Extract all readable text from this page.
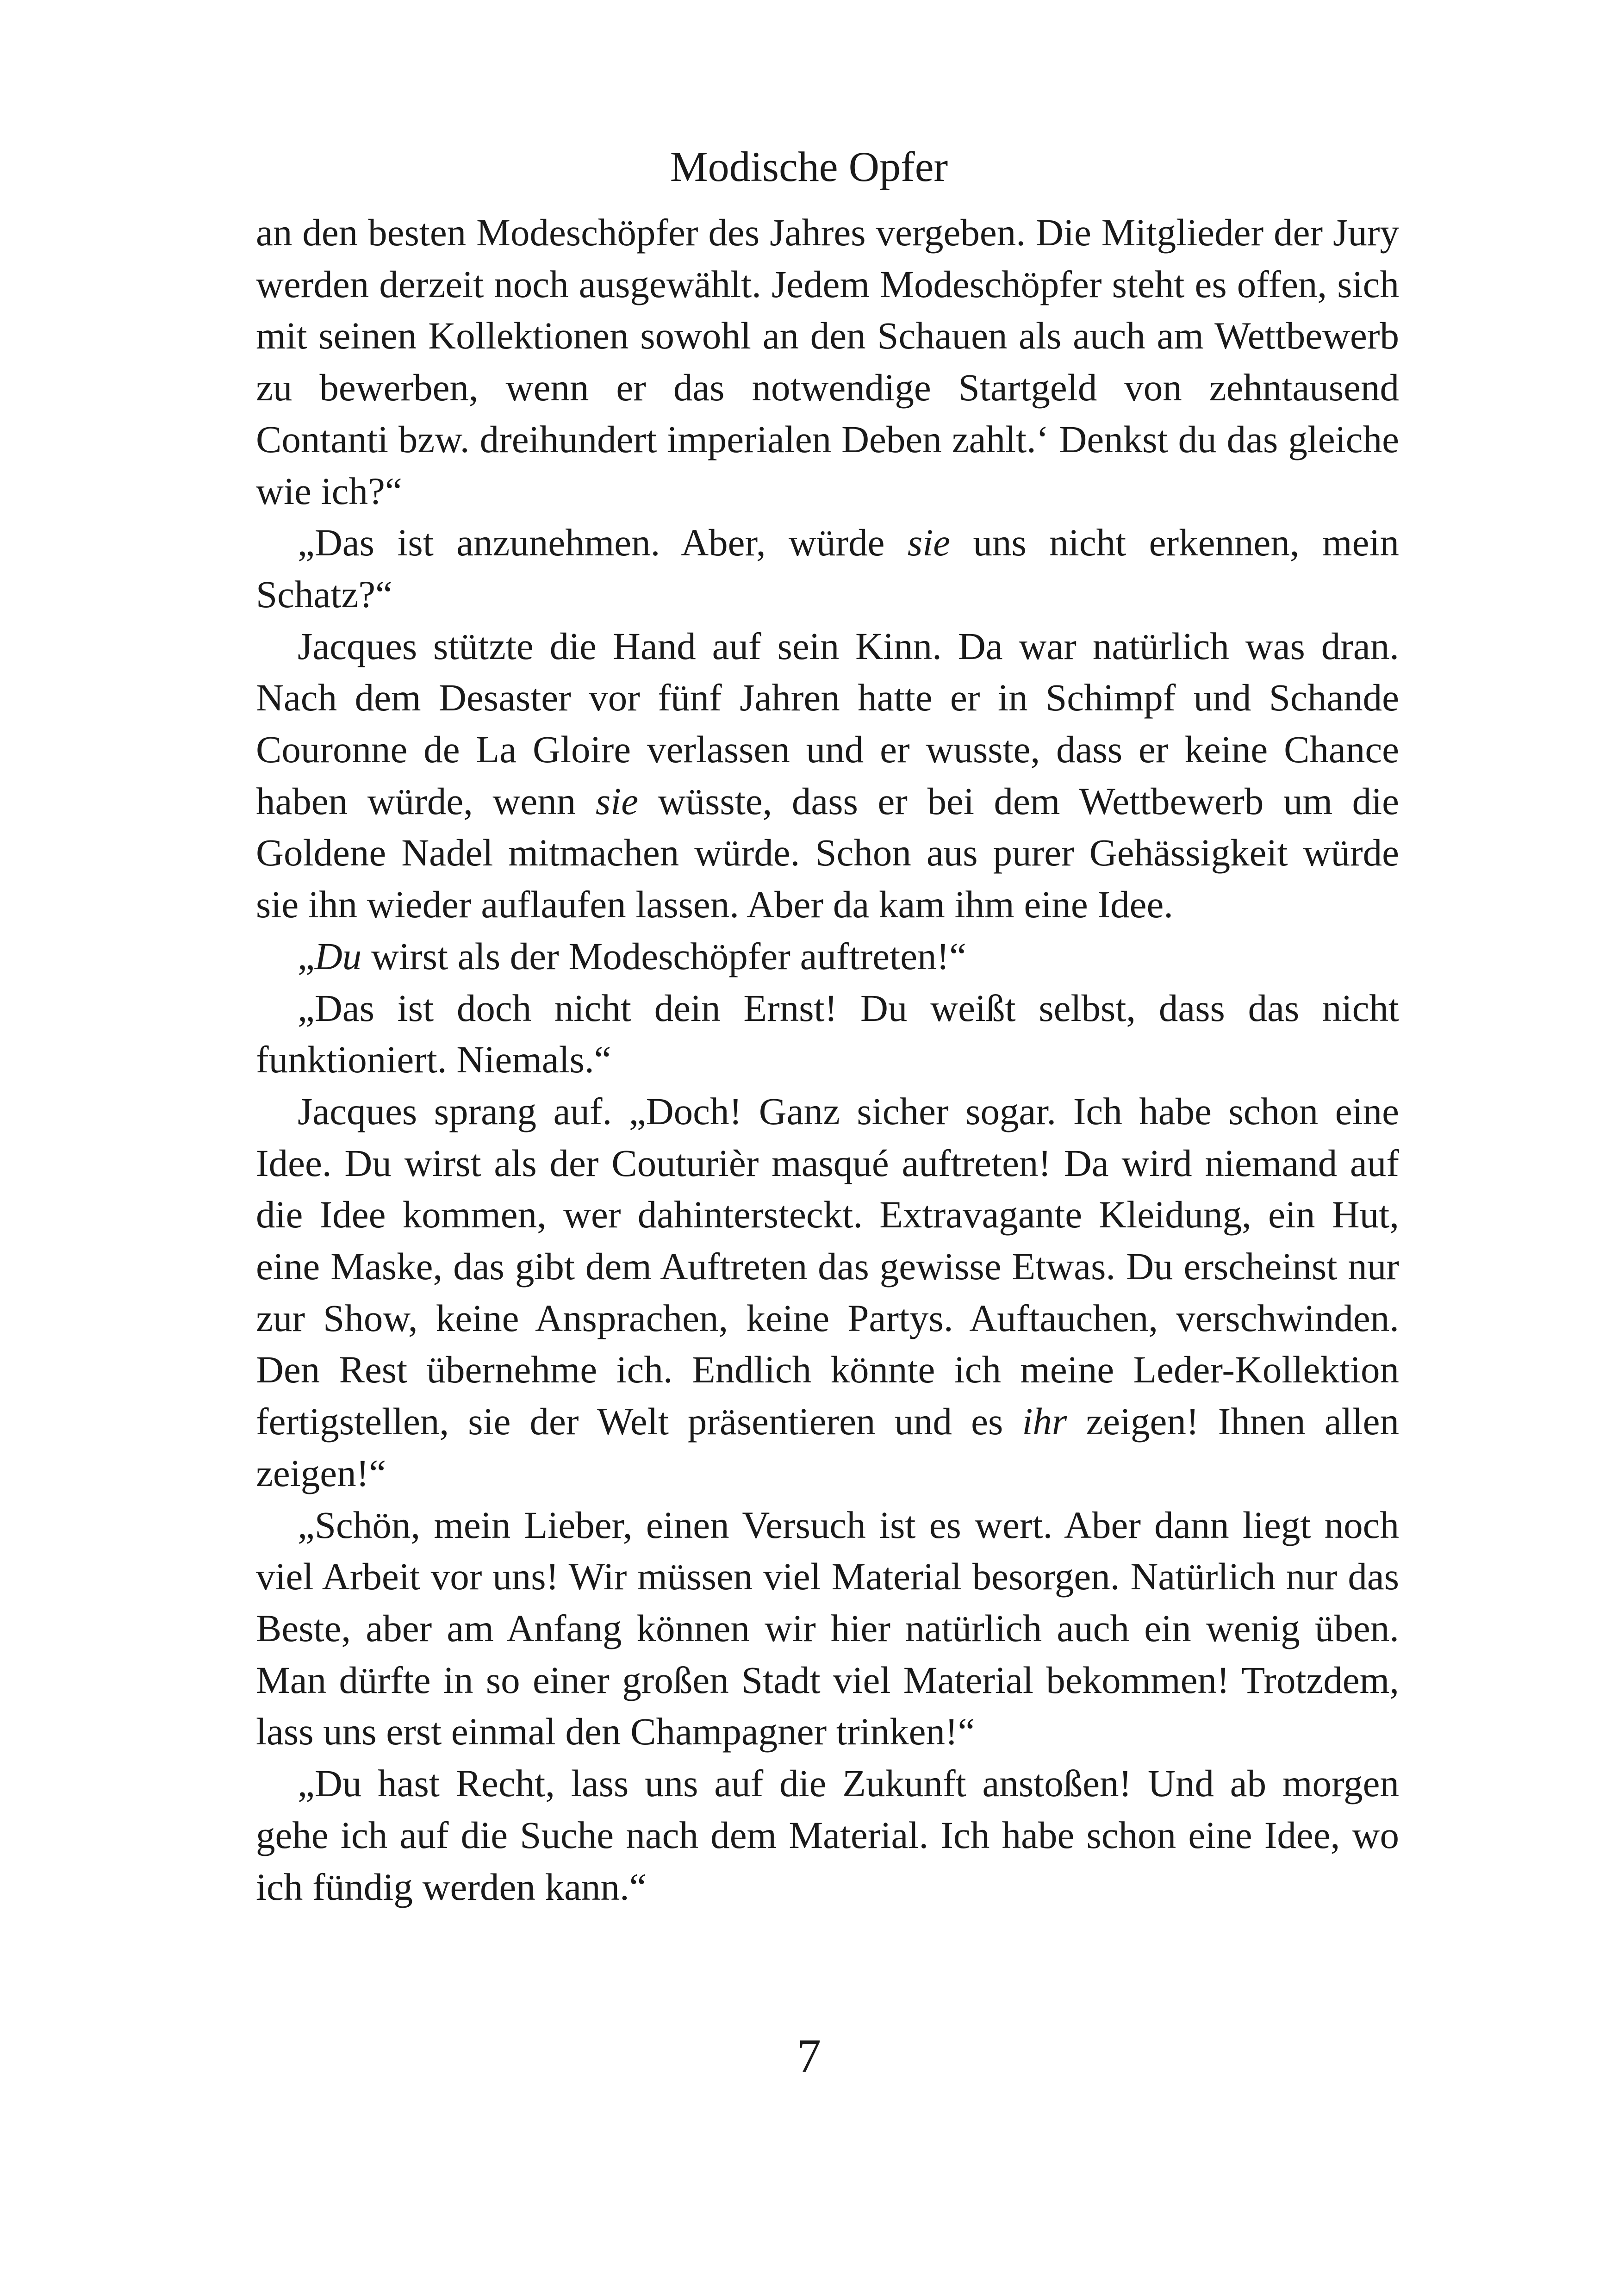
Modische Opfer

an den besten Modeschöpfer des Jahres vergeben. Die Mitglieder der Jury werden derzeit noch ausgewählt. Jedem Modeschöpfer steht es offen, sich mit seinen Kollektionen sowohl an den Schauen als auch am Wettbewerb zu bewerben, wenn er das notwendige Startgeld von zehntausend Contanti bzw. dreihundert imperialen Deben zahlt.‘ Denkst du das gleiche wie ich?“

„Das ist anzunehmen. Aber, würde sie uns nicht erkennen, mein Schatz?“

Jacques stützte die Hand auf sein Kinn. Da war natürlich was dran. Nach dem Desaster vor fünf Jahren hatte er in Schimpf und Schande Couronne de La Gloire verlassen und er wusste, dass er keine Chance haben würde, wenn sie wüsste, dass er bei dem Wettbewerb um die Goldene Nadel mitmachen würde. Schon aus purer Gehässigkeit würde sie ihn wieder auflaufen lassen. Aber da kam ihm eine Idee.

„Du wirst als der Modeschöpfer auftreten!“

„Das ist doch nicht dein Ernst! Du weißt selbst, dass das nicht funktioniert. Niemals.“

Jacques sprang auf. „Doch! Ganz sicher sogar. Ich habe schon eine Idee. Du wirst als der Couturièr masqué auftreten! Da wird niemand auf die Idee kommen, wer dahintersteckt. Extravagante Kleidung, ein Hut, eine Maske, das gibt dem Auftreten das gewisse Etwas. Du erscheinst nur zur Show, keine Ansprachen, keine Partys. Auftauchen, verschwinden. Den Rest übernehme ich. Endlich könnte ich meine Leder-Kollektion fertigstellen, sie der Welt präsentieren und es ihr zeigen! Ihnen allen zeigen!“

„Schön, mein Lieber, einen Versuch ist es wert. Aber dann liegt noch viel Arbeit vor uns! Wir müssen viel Material besorgen. Natürlich nur das Beste, aber am Anfang können wir hier natürlich auch ein wenig üben. Man dürfte in so einer großen Stadt viel Material bekommen! Trotzdem, lass uns erst einmal den Champagner trinken!“

„Du hast Recht, lass uns auf die Zukunft anstoßen! Und ab morgen gehe ich auf die Suche nach dem Material. Ich habe schon eine Idee, wo ich fündig werden kann.“

7
